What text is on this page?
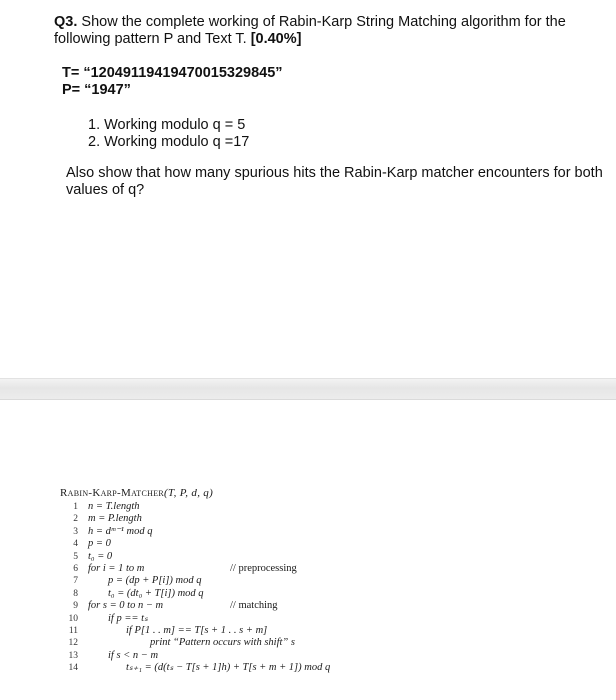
Q3. Show the complete working of Rabin-Karp String Matching algorithm for the
following pattern P and Text T. [0.40%]
T= “12049119419470015329845”
P= “1947”
1. Working modulo q = 5
2. Working modulo q =17
Also show that how many spurious hits the Rabin-Karp matcher encounters for both
values of q?
Rabin-Karp-Matcher(T, P, d, q)
1 n = T.length
2 m = P.length
3 h = dᵐ⁻¹ mod q
4 p = 0
5 t₀ = 0
6 for i = 1 to m	// preprocessing
7	p = (dp + P[i]) mod q
8	t₀ = (dt₀ + T[i]) mod q
9 for s = 0 to n − m	// matching
10	if p == tₛ
11	if P[1 . . m] == T[s + 1 . . s + m]
12	print “Pattern occurs with shift” s
13	if s < n − m
14	tₛ₊₁ = (d(tₛ − T[s + 1]h) + T[s + m + 1]) mod q
